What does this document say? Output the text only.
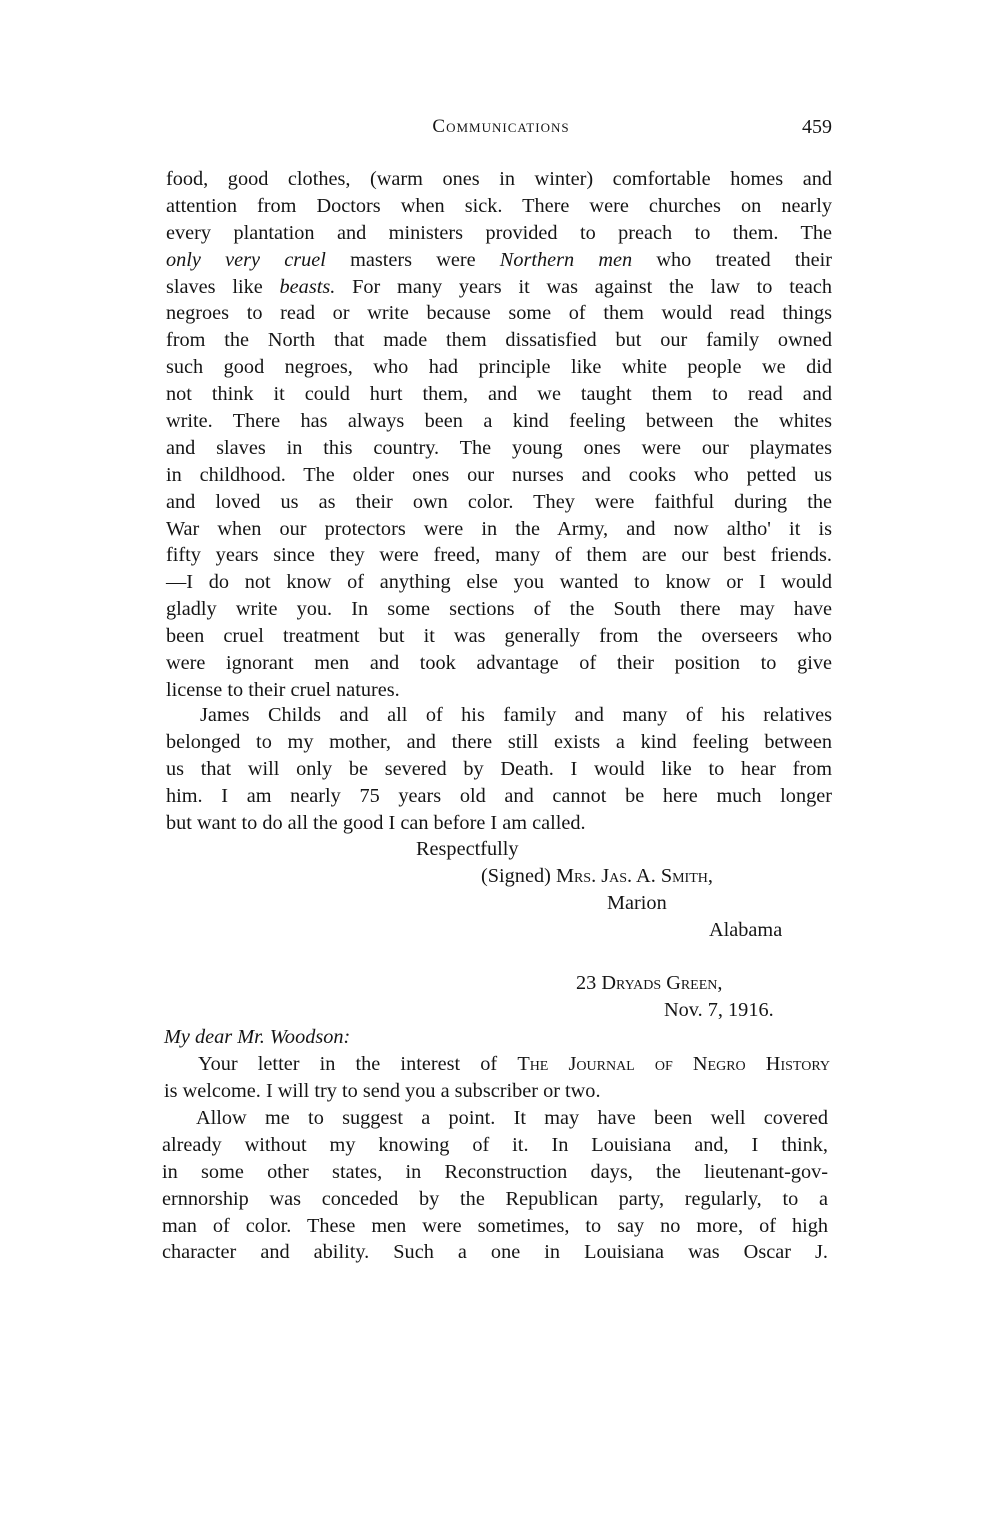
Communications	459
food, good clothes, (warm ones in winter) comfortable homes and
attention from Doctors when sick. There were churches on nearly
every plantation and ministers provided to preach to them. The
only very cruel masters were Northern men who treated their
slaves like beasts. For many years it was against the law to teach
negroes to read or write because some of them would read things
from the North that made them dissatisfied but our family owned
such good negroes, who had principle like white people we did
not think it could hurt them, and we taught them to read and
write. There has always been a kind feeling between the whites
and slaves in this country. The young ones were our playmates
in childhood. The older ones our nurses and cooks who petted us
and loved us as their own color. They were faithful during the
War when our protectors were in the Army, and now altho' it is
fifty years since they were freed, many of them are our best friends.
—I do not know of anything else you wanted to know or I would
gladly write you. In some sections of the South there may have
been cruel treatment but it was generally from the overseers who
were ignorant men and took advantage of their position to give
license to their cruel natures.
James Childs and all of his family and many of his relatives
belonged to my mother, and there still exists a kind feeling between
us that will only be severed by Death. I would like to hear from
him. I am nearly 75 years old and cannot be here much longer
but want to do all the good I can before I am called.
Respectfully
(Signed) Mrs. Jas. A. Smith,
Marion
Alabama
23 Dryads Green,
Nov. 7, 1916.
My dear Mr. Woodson:
Your letter in the interest of The Journal of Negro History
is welcome. I will try to send you a subscriber or two.
Allow me to suggest a point. It may have been well covered
already without my knowing of it. In Louisiana and, I think,
in some other states, in Reconstruction days, the lieutenant-gov-
ernnorship was conceded by the Republican party, regularly, to a
man of color. These men were sometimes, to say no more, of high
character and ability. Such a one in Louisiana was Oscar J.
